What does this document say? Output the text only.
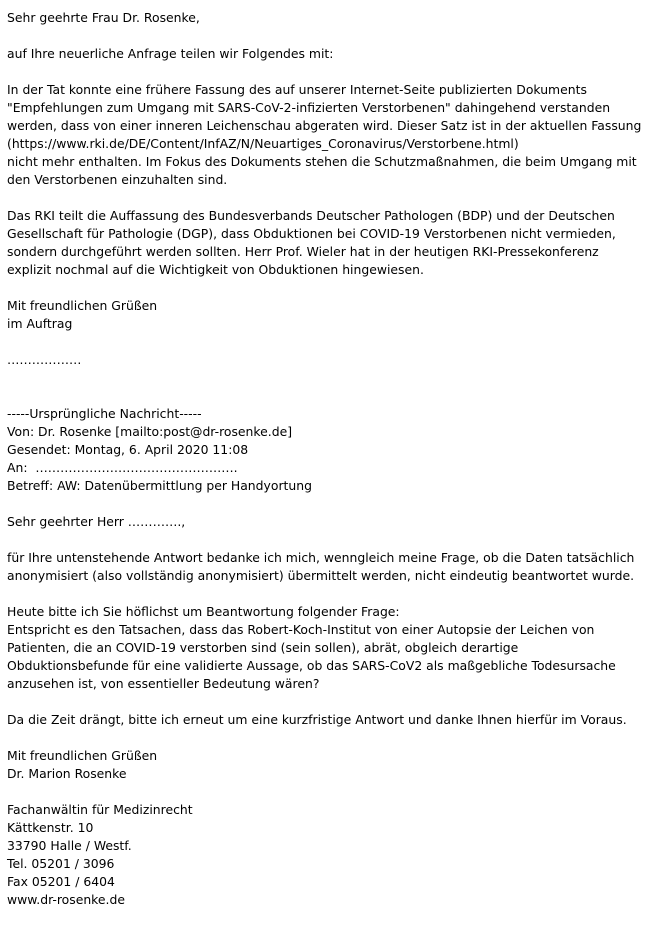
Sehr geehrte Frau Dr. Rosenke,
auf Ihre neuerliche Anfrage teilen wir Folgendes mit:
In der Tat konnte eine frühere Fassung des auf unserer Internet-Seite publizierten Dokuments
"Empfehlungen zum Umgang mit SARS-CoV-2-infizierten Verstorbenen" dahingehend verstanden
werden, dass von einer inneren Leichenschau abgeraten wird. Dieser Satz ist in der aktuellen Fassung
(https://www.rki.de/DE/Content/InfAZ/N/Neuartiges_Coronavirus/Verstorbene.html)
nicht mehr enthalten. Im Fokus des Dokuments stehen die Schutzmaßnahmen, die beim Umgang mit
den Verstorbenen einzuhalten sind.
Das RKI teilt die Auffassung des Bundesverbands Deutscher Pathologen (BDP) und der Deutschen
Gesellschaft für Pathologie (DGP), dass Obduktionen bei COVID-19 Verstorbenen nicht vermieden,
sondern durchgeführt werden sollten. Herr Prof. Wieler hat in der heutigen RKI-Pressekonferenz
explizit nochmal auf die Wichtigkeit von Obduktionen hingewiesen.
Mit freundlichen Grüßen
im Auftrag
………………
-----Ursprüngliche Nachricht-----
Von: Dr. Rosenke [mailto:post@dr-rosenke.de]
Gesendet: Montag, 6. April 2020 11:08
An:  ………………………………………….
Betreff: AW: Datenübermittlung per Handyortung
Sehr geehrter Herr ………….,
für Ihre untenstehende Antwort bedanke ich mich, wenngleich meine Frage, ob die Daten tatsächlich
anonymisiert (also vollständig anonymisiert) übermittelt werden, nicht eindeutig beantwortet wurde.
Heute bitte ich Sie höflichst um Beantwortung folgender Frage:
Entspricht es den Tatsachen, dass das Robert-Koch-Institut von einer Autopsie der Leichen von
Patienten, die an COVID-19 verstorben sind (sein sollen), abrät, obgleich derartige
Obduktionsbefunde für eine validierte Aussage, ob das SARS-CoV2 als maßgebliche Todesursache
anzusehen ist, von essentieller Bedeutung wären?
Da die Zeit drängt, bitte ich erneut um eine kurzfristige Antwort und danke Ihnen hierfür im Voraus.
Mit freundlichen Grüßen
Dr. Marion Rosenke
Fachanwältin für Medizinrecht
Kättkenstr. 10
33790 Halle / Westf.
Tel. 05201 / 3096
Fax 05201 / 6404
www.dr-rosenke.de
